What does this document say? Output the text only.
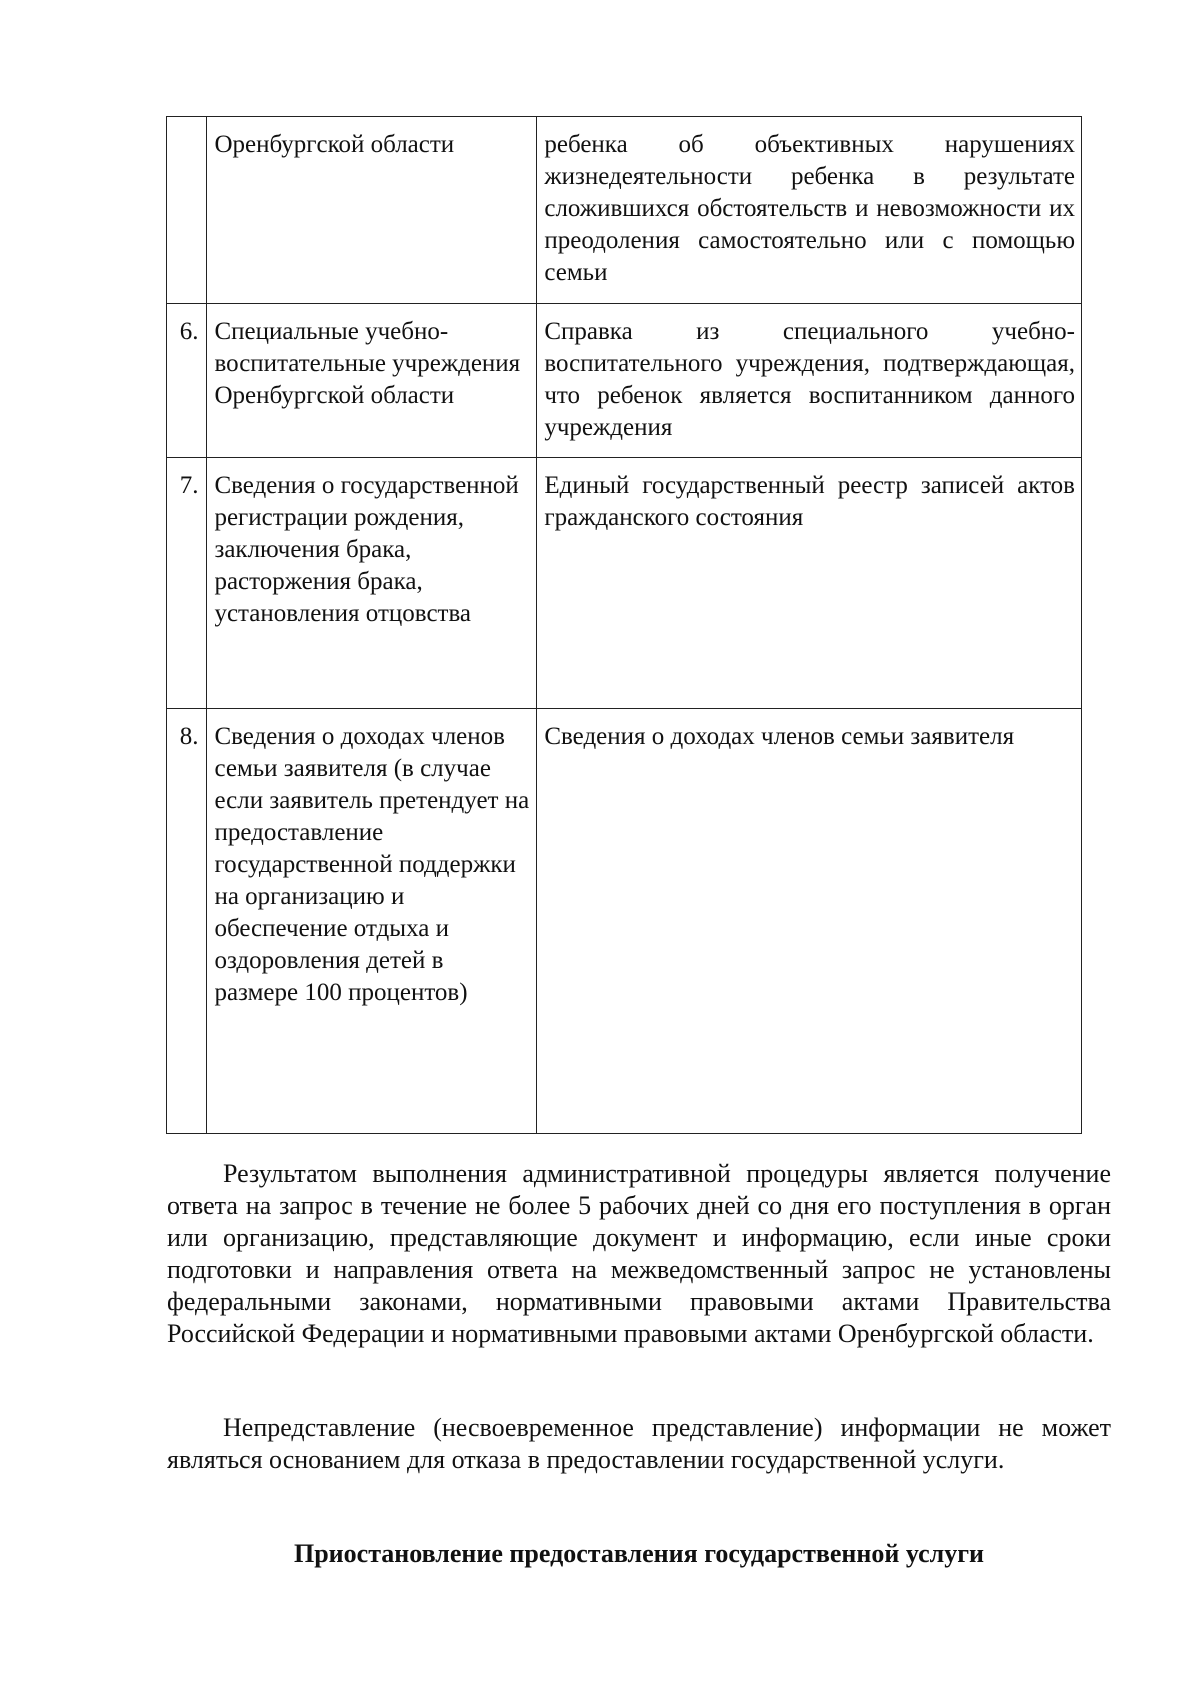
	Оренбургской области	ребенка об объективных нарушениях жизнедеятельности ребенка в результате сложившихся обстоятельств и невозможности их преодоления самостоятельно или с помощью семьи
6.	Специальные учебно-воспитательные учреждения Оренбургской области	Справка из специального учебно-воспитательного учреждения, подтверждающая, что ребенок является воспитанником данного учреждения
7.	Сведения о государственной регистрации рождения, заключения брака, расторжения брака, установления отцовства	Единый государственный реестр записей актов гражданского состояния
8.	Сведения о доходах членов семьи заявителя (в случае если заявитель претендует на предоставление государственной поддержки на организацию и обеспечение отдыха и оздоровления детей в размере 100 процентов)	Сведения о доходах членов семьи заявителя

Результатом выполнения административной процедуры является получение ответа на запрос в течение не более 5 рабочих дней со дня его поступления в орган или организацию, представляющие документ и информацию, если иные сроки подготовки и направления ответа на межведомственный запрос не установлены федеральными законами, нормативными правовыми актами Правительства Российской Федерации и нормативными правовыми актами Оренбургской области.

Непредставление (несвоевременное представление) информации не может являться основанием для отказа в предоставлении государственной услуги.

Приостановление предоставления государственной услуги
